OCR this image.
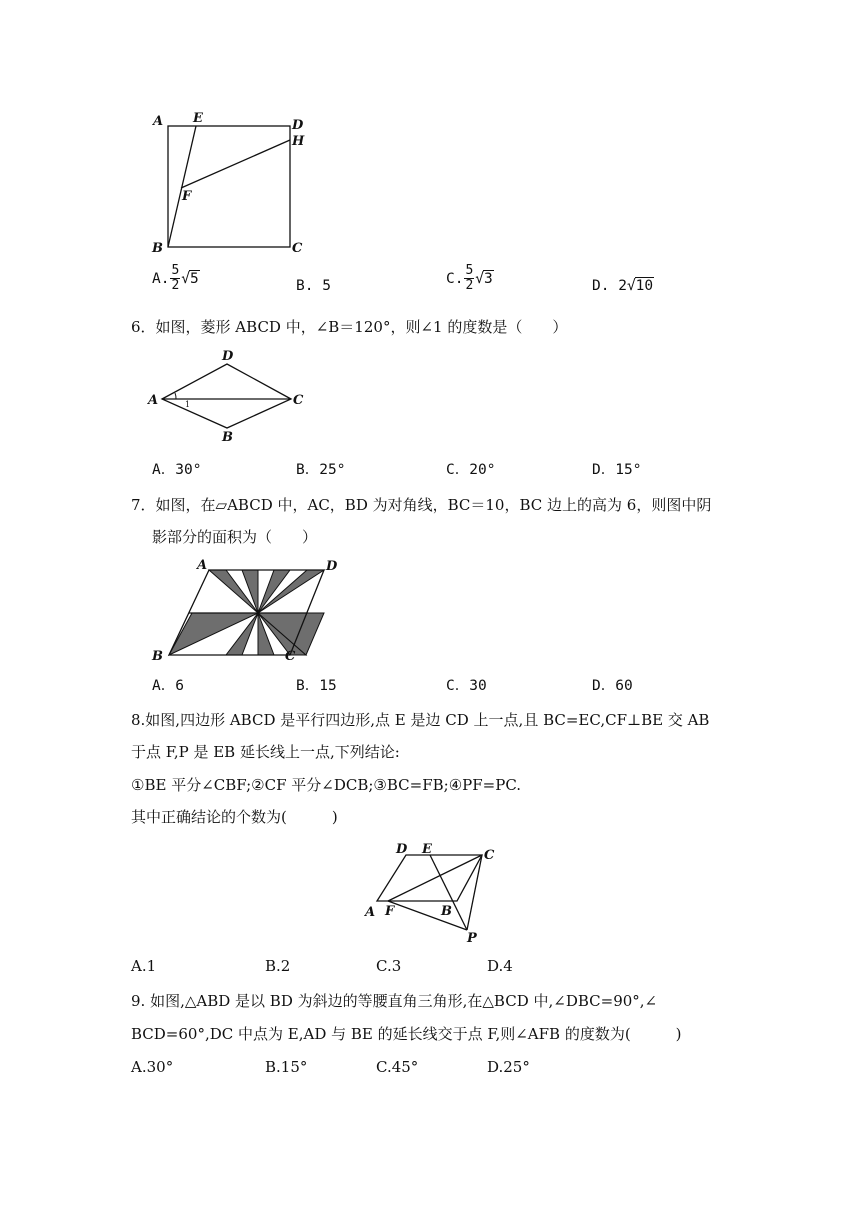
A E	D
H
F
B	C
A. $\frac{5}{2} √5$	B. 5	C. $\frac{5}{2} √3$	D. 2√10
6．如图，菱形 ABCD 中，∠B＝120°，则∠1 的度数是（　　）
A
D
C
B
1
A．30°	B．25°	C．20°	D．15°
7．如图，在▱ABCD 中，AC，BD 为对角线，BC＝10，BC 边上的高为 6，则图中阴
影部分的面积为（　　）
A	D
B	C
A．6	B．15	C．30	D．60
8.如图,四边形 ABCD 是平行四边形,点 E 是边 CD 上一点,且 BC=EC,CF⊥BE 交 AB
于点 F,P 是 EB 延长线上一点,下列结论:
①BE 平分∠CBF;②CF 平分∠DCB;③BC=FB;④PF=PC.
其中正确结论的个数为(　　　)
D E	C
A F	B
P
A.1	B.2	C.3	D.4
9. 如图,△ABD 是以 BD 为斜边的等腰直角三角形,在△BCD 中,∠DBC=90°,∠
BCD=60°,DC 中点为 E,AD 与 BE 的延长线交于点 F,则∠AFB 的度数为(　　　)
A.30°	B.15°	C.45°	D.25°
